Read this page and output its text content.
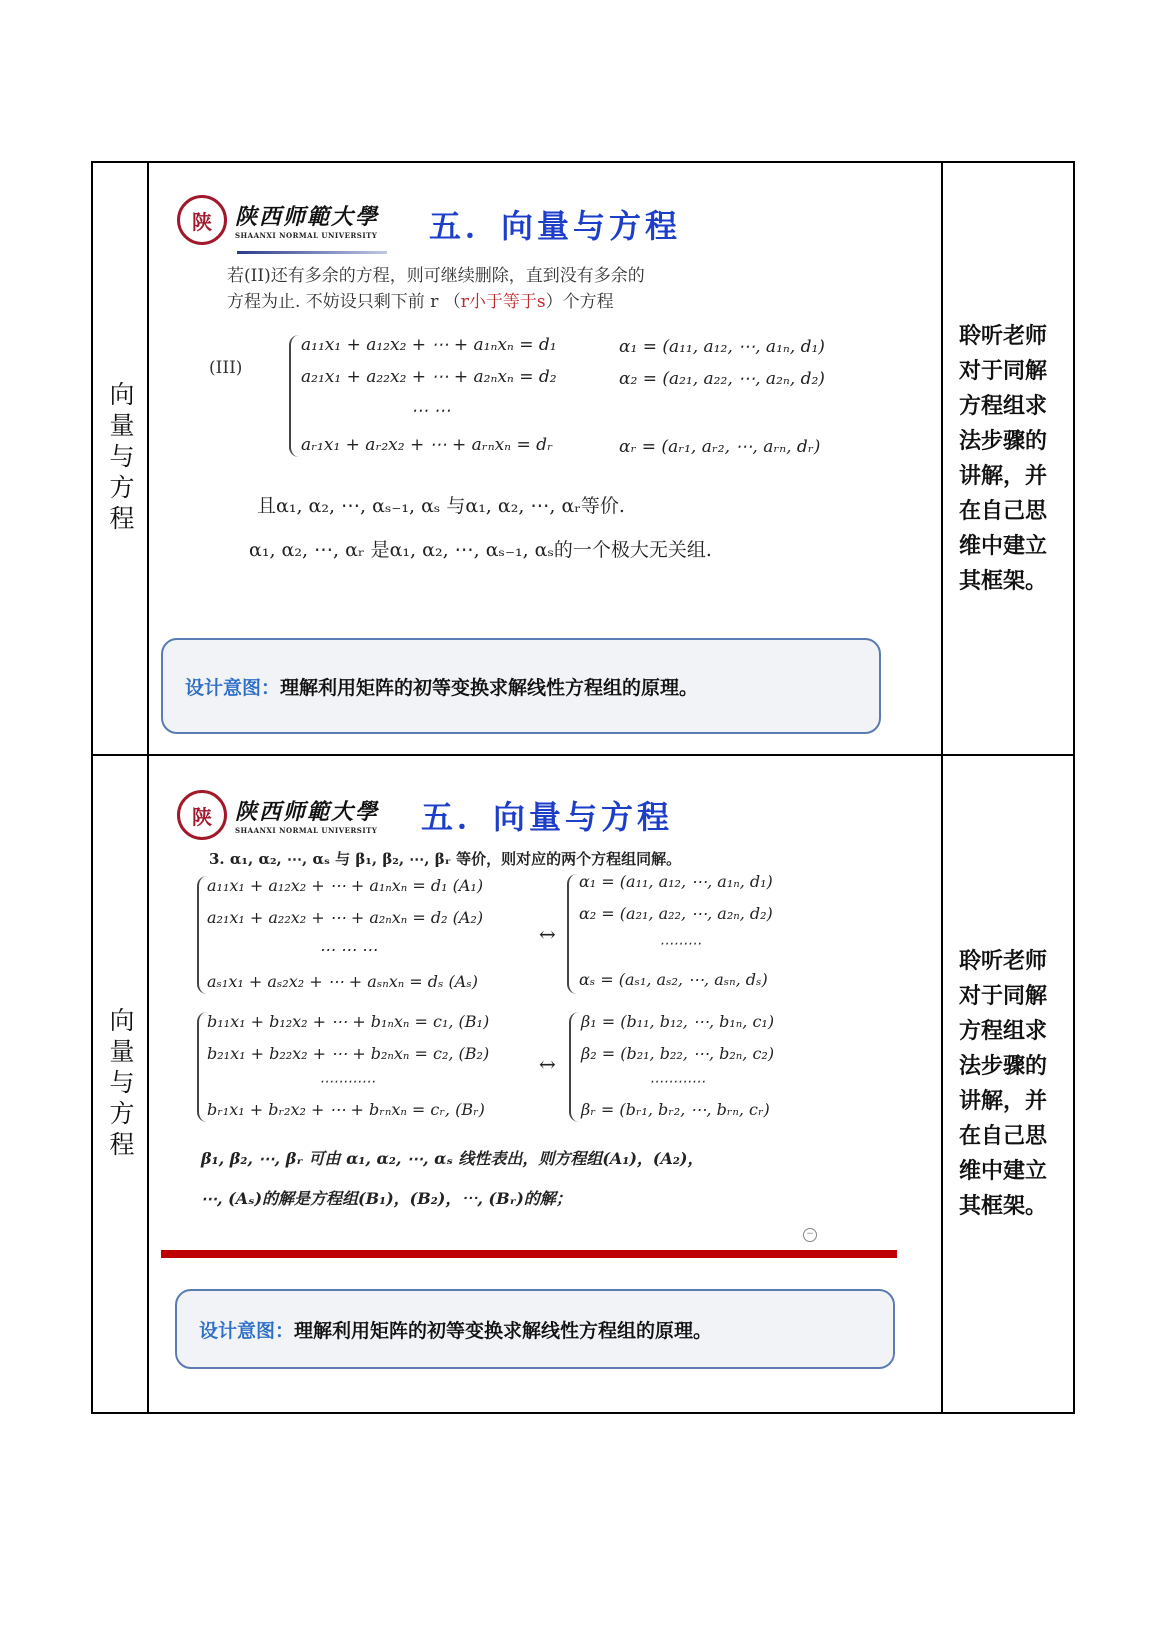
向量与方程
陕	陕西师範大學
SHAANXI NORMAL UNIVERSITY 五．向量与方程
若(II)还有多余的方程，则可继续删除，直到没有多余的
方程为止. 不妨设只剩下前 r （r小于等于s）个方程
(III)
a₁₁x₁ + a₁₂x₂ + ⋯ + a₁ₙxₙ = d₁
a₂₁x₁ + a₂₂x₂ + ⋯ + a₂ₙxₙ = d₂
⋯ ⋯
aᵣ₁x₁ + aᵣ₂x₂ + ⋯ + aᵣₙxₙ = dᵣ
α₁ = (a₁₁, a₁₂, ⋯, a₁ₙ, d₁)
α₂ = (a₂₁, a₂₂, ⋯, a₂ₙ, d₂)
αᵣ = (aᵣ₁, aᵣ₂, ⋯, aᵣₙ, dᵣ)
且α₁, α₂, ⋯, αₛ₋₁, αₛ 与α₁, α₂, ⋯, αᵣ等价.
α₁, α₂, ⋯, αᵣ 是α₁, α₂, ⋯, αₛ₋₁, αₛ的一个极大无关组.
设计意图： 理解利用矩阵的初等变换求解线性方程组的原理。
聆听老师对于同解方程组求法步骤的讲解，并在自己思维中建立其框架。
向量与方程
陕	陕西师範大學
SHAANXI NORMAL UNIVERSITY 五．向量与方程
3. α₁, α₂, ⋯, αₛ 与 β₁, β₂, ⋯, βᵣ 等价，则对应的两个方程组同解。
a₁₁x₁ + a₁₂x₂ + ⋯ + a₁ₙxₙ = d₁ (A₁)
a₂₁x₁ + a₂₂x₂ + ⋯ + a₂ₙxₙ = d₂ (A₂)
⋯ ⋯ ⋯
aₛ₁x₁ + aₛ₂x₂ + ⋯ + aₛₙxₙ = dₛ (Aₛ)
↔
α₁ = (a₁₁, a₁₂, ⋯, a₁ₙ, d₁)
α₂ = (a₂₁, a₂₂, ⋯, a₂ₙ, d₂)
⋯⋯⋯
αₛ = (aₛ₁, aₛ₂, ⋯, aₛₙ, dₛ)
b₁₁x₁ + b₁₂x₂ + ⋯ + b₁ₙxₙ = c₁, (B₁)
b₂₁x₁ + b₂₂x₂ + ⋯ + b₂ₙxₙ = c₂, (B₂)
⋯⋯⋯⋯
bᵣ₁x₁ + bᵣ₂x₂ + ⋯ + bᵣₙxₙ = cᵣ, (Bᵣ)
↔
β₁ = (b₁₁, b₁₂, ⋯, b₁ₙ, c₁)
β₂ = (b₂₁, b₂₂, ⋯, b₂ₙ, c₂)
⋯⋯⋯⋯
βᵣ = (bᵣ₁, bᵣ₂, ⋯, bᵣₙ, cᵣ)
β₁, β₂, ⋯, βᵣ 可由 α₁, α₂, ⋯, αₛ 线性表出，则方程组(A₁)，(A₂)，
⋯, (Aₛ)的解是方程组(B₁)，(B₂)，⋯, (Bᵣ)的解；
−
设计意图： 理解利用矩阵的初等变换求解线性方程组的原理。
聆听老师对于同解方程组求法步骤的讲解，并在自己思维中建立其框架。
